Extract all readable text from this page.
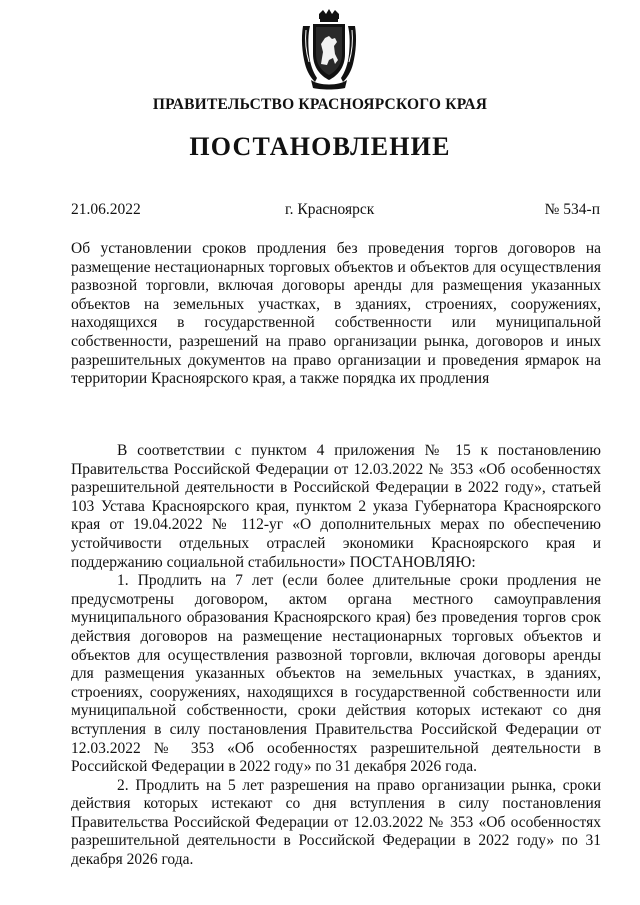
ПРАВИТЕЛЬСТВО КРАСНОЯРСКОГО КРАЯ
ПОСТАНОВЛЕНИЕ
21.06.2022	г. Красноярск	№ 534-п
Об установлении сроков продления без проведения торгов договоров на размещение нестационарных торговых объектов и объектов для осуществления развозной торговли, включая договоры аренды для размещения указанных объектов на земельных участках, в зданиях, строениях, сооружениях, находящихся в государственной собственности или муниципальной собственности, разрешений на право организации рынка, договоров и иных разрешительных документов на право организации и проведения ярмарок на территории Красноярского края, а также порядка их продления

В соответствии с пунктом 4 приложения № 15 к постановлению Правительства Российской Федерации от 12.03.2022 № 353 «Об особенностях разрешительной деятельности в Российской Федерации в 2022 году», статьей 103 Устава Красноярского края, пунктом 2 указа Губернатора Красноярского края от 19.04.2022 № 112-уг «О дополнительных мерах по обеспечению устойчивости отдельных отраслей экономики Красноярского края и поддержанию социальной стабильности» ПОСТАНОВЛЯЮ:

1. Продлить на 7 лет (если более длительные сроки продления не предусмотрены договором, актом органа местного самоуправления муниципального образования Красноярского края) без проведения торгов срок действия договоров на размещение нестационарных торговых объектов и объектов для осуществления развозной торговли, включая договоры аренды для размещения указанных объектов на земельных участках, в зданиях, строениях, сооружениях, находящихся в государственной собственности или муниципальной собственности, сроки действия которых истекают со дня вступления в силу постановления Правительства Российской Федерации от 12.03.2022 № 353 «Об особенностях разрешительной деятельности в Российской Федерации в 2022 году» по 31 декабря 2026 года.

2. Продлить на 5 лет разрешения на право организации рынка, сроки действия которых истекают со дня вступления в силу постановления Правительства Российской Федерации от 12.03.2022 № 353 «Об особенностях разрешительной деятельности в Российской Федерации в 2022 году» по 31 декабря 2026 года.
